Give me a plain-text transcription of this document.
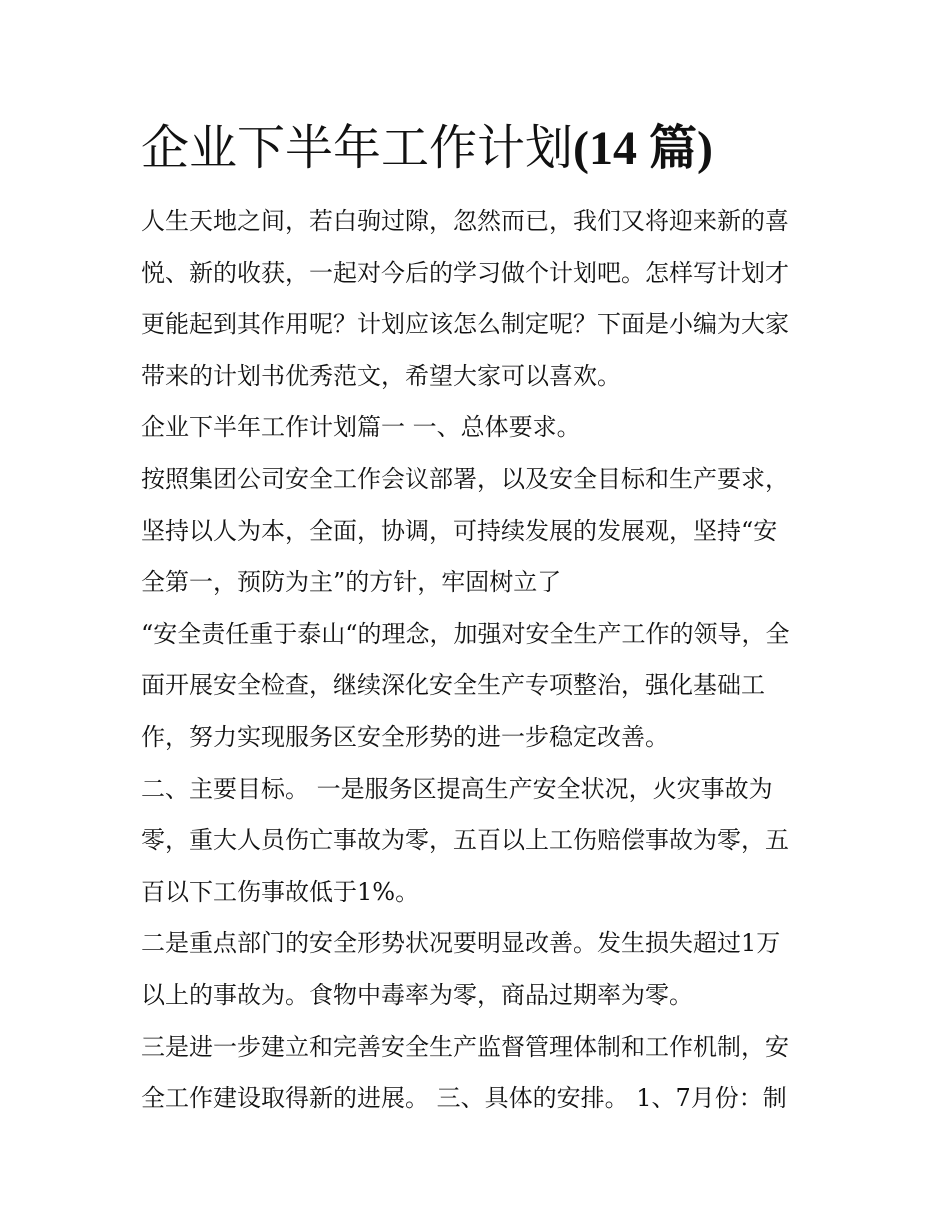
企业下半年工作计划(14 篇)
人生天地之间，若白驹过隙，忽然而已，我们又将迎来新的喜
悦、新的收获，一起对今后的学习做个计划吧。怎样写计划才
更能起到其作用呢？计划应该怎么制定呢？下面是小编为大家
带来的计划书优秀范文，希望大家可以喜欢。
企业下半年工作计划篇一 一、总体要求。
按照集团公司安全工作会议部署，以及安全目标和生产要求，
坚持以人为本，全面，协调，可持续发展的发展观，坚持“安
全第一，预防为主”的方针，牢固树立了
“安全责任重于泰山“的理念，加强对安全生产工作的领导，全
面开展安全检查，继续深化安全生产专项整治，强化基础工
作，努力实现服务区安全形势的进一步稳定改善。
二、主要目标。 一是服务区提高生产安全状况，火灾事故为
零，重大人员伤亡事故为零，五百以上工伤赔偿事故为零，五
百以下工伤事故低于1%。
二是重点部门的安全形势状况要明显改善。发生损失超过1万
以上的事故为。食物中毒率为零，商品过期率为零。
三是进一步建立和完善安全生产监督管理体制和工作机制，安
全工作建设取得新的进展。 三、具体的安排。 1、7月份：制
